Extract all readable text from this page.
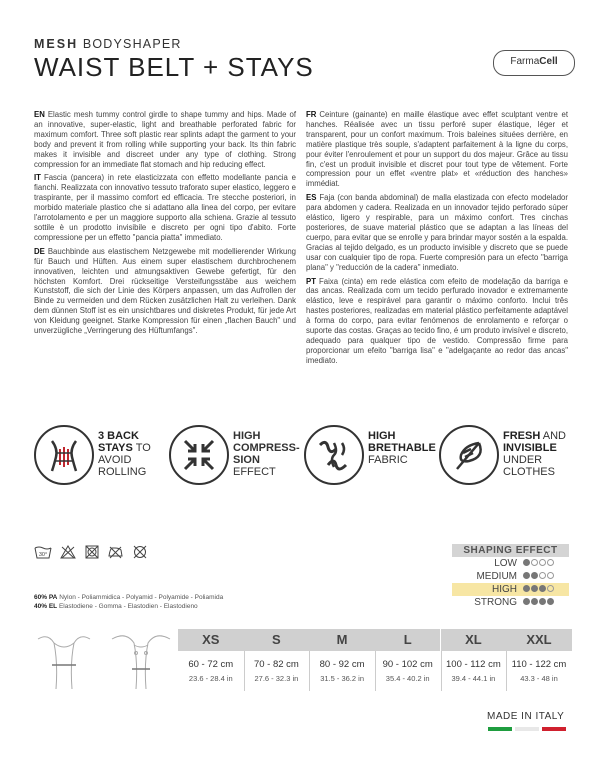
MESH BODYSHAPER
WAIST BELT + STAYS	FarmaCell

EN Elastic mesh tummy control girdle to shape tummy and hips. Made of an innovative, super-elastic, light and breathable perforated fabric for maximum comfort. Three soft plastic rear splints adapt the garment to your body and prevent it from rolling while supporting your back. Its thin fabric makes it invisible and discreet under any type of clothing. Strong compression for an immediate flat stomach and hip reducing effect.

IT Fascia (pancera) in rete elasticizzata con effetto modellante pancia e fianchi. Realizzata con innovativo tessuto traforato super elastico, leggero e traspirante, per il massimo comfort ed efficacia. Tre stecche posteriori, in morbido materiale plastico che si adattano alla linea del corpo, per evitare l'arrotolamento e per un maggiore supporto alla schiena. Grazie al tessuto sottile è un prodotto invisibile e discreto per ogni tipo d'abito. Forte compressione per un effetto "pancia piatta" immediato.

DE Bauchbinde aus elastischem Netzgewebe mit modellierender Wirkung für Bauch und Hüften. Aus einem super elastischem durchbrochenem innovativen, leichten und atmungsaktiven Gewebe gefertigt, für den höchsten Komfort. Drei rückseitige Versteifungsstäbe aus weichem Kunststoff, die sich der Linie des Körpers anpassen, um das Aufrollen der Binde zu vermeiden und dem Rücken zusätzlichen Halt zu verleihen. Dank dem dünnen Stoff ist es ein unsichtbares und diskretes Produkt, für jede Art von Kleidung geeignet. Starke Kompression für einen „flachen Bauch" und unverzügliche „Verringerung des Hüftumfangs".

FR Ceinture (gainante) en maille élastique avec effet sculptant ventre et hanches. Réalisée avec un tissu perforé super élastique, léger et transparent, pour un confort maximum. Trois baleines situées derrière, en matière plastique très souple, s'adaptent parfaitement à la ligne du corps, pour éviter l'enroulement et pour un support du dos majeur. Grâce au tissu fin, c'est un produit invisible et discret pour tout type de vêtement. Forte compression pour un effet «ventre plat» et «réduction des hanches» immédiat.

ES Faja (con banda abdominal) de malla elastizada con efecto modelador para abdomen y cadera. Realizada en un innovador tejido perforado súper elástico, ligero y respirable, para un máximo confort. Tres cinchas posteriores, de suave material plástico que se adaptan a las líneas del cuerpo, para evitar que se enrolle y para brindar mayor sostén a la espalda. Gracias al tejido delgado, es un producto invisible y discreto que se puede usar con cualquier tipo de ropa. Fuerte compresión para un efecto "barriga plana" y "reducción de la cadera" inmediato.

PT Faixa (cinta) em rede elástica com efeito de modelação da barriga e das ancas. Realizada com um tecido perfurado inovador e extremamente elástico, leve e respirável para garantir o máximo conforto. Inclui três hastes posteriores, realizadas em material plástico perfeitamente adaptável à forma do corpo, para evitar fenómenos de enrolamento e reforçar o suporte das costas. Graças ao tecido fino, é um produto invisível e discreto, adequado para qualquer tipo de vestido. Compressão firme para proporcionar um efeito "barriga lisa" e "adelgaçante ao redor das ancas" imediato.

3 BACK
STAYS TO
AVOID
ROLLING
HIGH
COMPRESS-
SION
EFFECT
HIGH
BRETHABLE
FABRIC
FRESH AND
INVISIBLE
UNDER
CLOTHES
30°
	SHAPING EFFECT
LOW
MEDIUM
HIGH
STRONG
60% PA Nylon - Poliammidica - Polyamid - Polyamide - Poliamida
40% EL Elastodiene - Gomma - Elastodien - Elastodieno
XS
60 - 72 cm
23.6 - 28.4 in
S
70 - 82 cm
27.6 - 32.3 in
M
80 - 92 cm
31.5 - 36.2 in
L
90 - 102 cm
35.4 - 40.2 in
XL
100 - 112 cm
39.4 - 44.1 in
XXL
110 - 122 cm
43.3 - 48 in
MADE IN ITALY
